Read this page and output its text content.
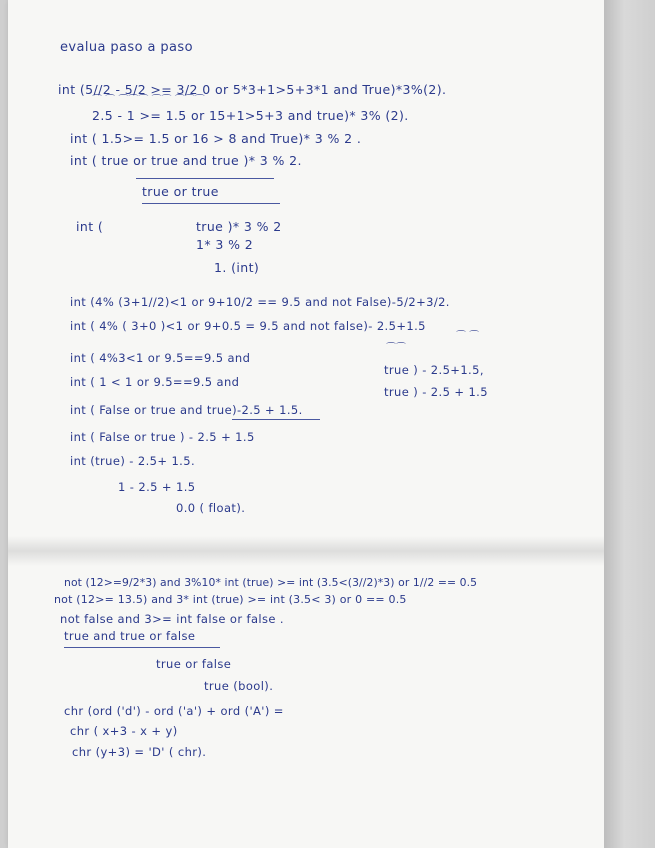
evalua paso a paso

int (5//2 - 5/2 >= 3/2 0 or 5*3+1>5+3*1 and True)*3%(2).

⌒ ⌒ ⌒⌒⌒ ⌒⌒ ⌒⌒⌒

2.5 - 1 >= 1.5 or 15+1>5+3 and true)* 3% (2).

int ( 1.5>= 1.5 or 16 > 8 and True)* 3 % 2 .

int ( true or true and true )* 3 % 2.

true or true

int (	true )* 3 % 2

1* 3 % 2

1. (int)

int (4% (3+1//2)<1 or 9+10/2 == 9.5 and not False)-5/2+3/2.

int ( 4% ( 3+0 )<1 or 9+0.5 = 9.5 and not false)- 2.5+1.5

⌒ ⌒

int ( 4%3<1 or 9.5==9.5 and

⌒⌒

true ) - 2.5+1.5,

int ( 1 < 1 or 9.5==9.5 and

true ) - 2.5 + 1.5

int ( False or true and true)-2.5 + 1.5.

int ( False or true ) - 2.5 + 1.5

int (true) - 2.5+ 1.5.

1 - 2.5 + 1.5

0.0 ( float).

not (12>=9/2*3) and 3%10* int (true) >= int (3.5<(3//2)*3) or 1//2 == 0.5

not (12>= 13.5) and 3* int (true) >= int (3.5< 3) or 0 == 0.5

not false and 3>= int false or false .

true and true or false

true or false

true (bool).

chr (ord ('d') - ord ('a') + ord ('A') =

chr ( x+3 - x + y)

chr (y+3) = 'D' ( chr).
